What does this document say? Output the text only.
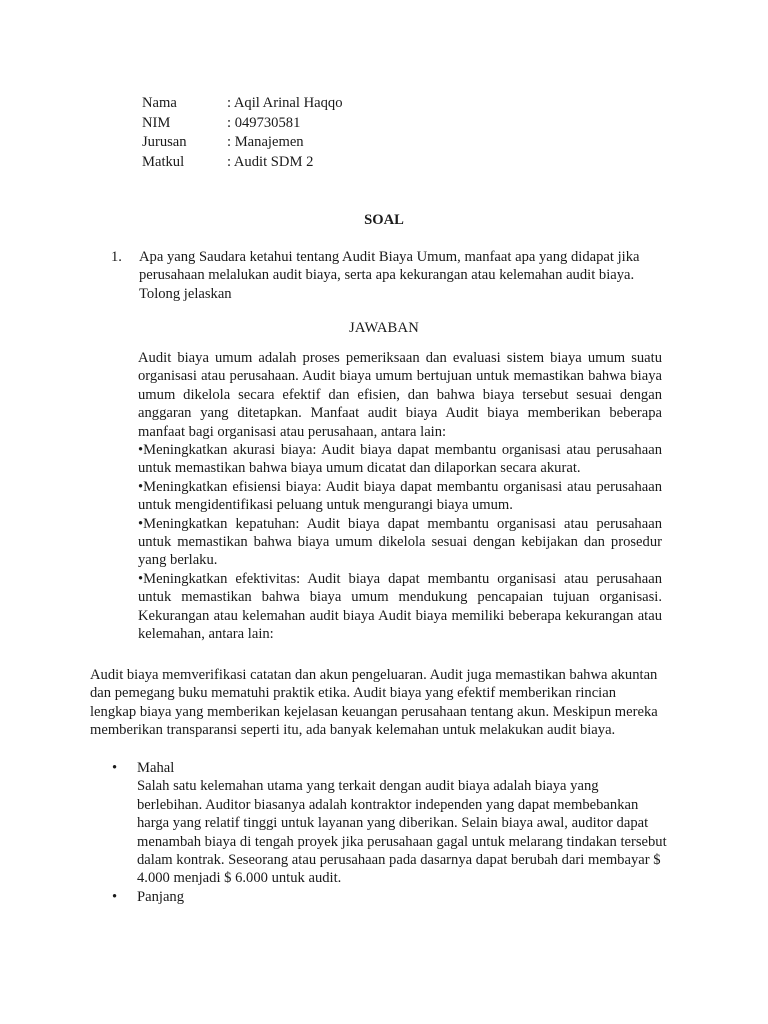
Nama	: Aqil Arinal Haqqo
NIM	: 049730581
Jurusan	: Manajemen
Matkul	: Audit SDM 2
SOAL
1.	Apa yang Saudara ketahui tentang Audit Biaya Umum, manfaat apa yang didapat jika perusahaan melalukan audit biaya, serta apa kekurangan atau kelemahan audit biaya. Tolong jelaskan
JAWABAN

Audit biaya umum adalah proses pemeriksaan dan evaluasi sistem biaya umum suatu organisasi atau perusahaan. Audit biaya umum bertujuan untuk memastikan bahwa biaya umum dikelola secara efektif dan efisien, dan bahwa biaya tersebut sesuai dengan anggaran yang ditetapkan. Manfaat audit biaya Audit biaya memberikan beberapa manfaat bagi organisasi atau perusahaan, antara lain:

•Meningkatkan akurasi biaya: Audit biaya dapat membantu organisasi atau perusahaan untuk memastikan bahwa biaya umum dicatat dan dilaporkan secara akurat.

•Meningkatkan efisiensi biaya: Audit biaya dapat membantu organisasi atau perusahaan untuk mengidentifikasi peluang untuk mengurangi biaya umum.

•Meningkatkan kepatuhan: Audit biaya dapat membantu organisasi atau perusahaan untuk memastikan bahwa biaya umum dikelola sesuai dengan kebijakan dan prosedur yang berlaku.

•Meningkatkan efektivitas: Audit biaya dapat membantu organisasi atau perusahaan untuk memastikan bahwa biaya umum mendukung pencapaian tujuan organisasi. Kekurangan atau kelemahan audit biaya Audit biaya memiliki beberapa kekurangan atau kelemahan, antara lain:

Audit biaya memverifikasi catatan dan akun pengeluaran. Audit juga memastikan bahwa akuntan dan pemegang buku mematuhi praktik etika. Audit biaya yang efektif memberikan rincian lengkap biaya yang memberikan kejelasan keuangan perusahaan tentang akun. Meskipun mereka memberikan transparansi seperti itu, ada banyak kelemahan untuk melakukan audit biaya.

• Mahal
Salah satu kelemahan utama yang terkait dengan audit biaya adalah biaya yang berlebihan. Auditor biasanya adalah kontraktor independen yang dapat membebankan harga yang relatif tinggi untuk layanan yang diberikan. Selain biaya awal, auditor dapat menambah biaya di tengah proyek jika perusahaan gagal untuk melarang tindakan tersebut dalam kontrak. Seseorang atau perusahaan pada dasarnya dapat berubah dari membayar $ 4.000 menjadi $ 6.000 untuk audit.
• Panjang
